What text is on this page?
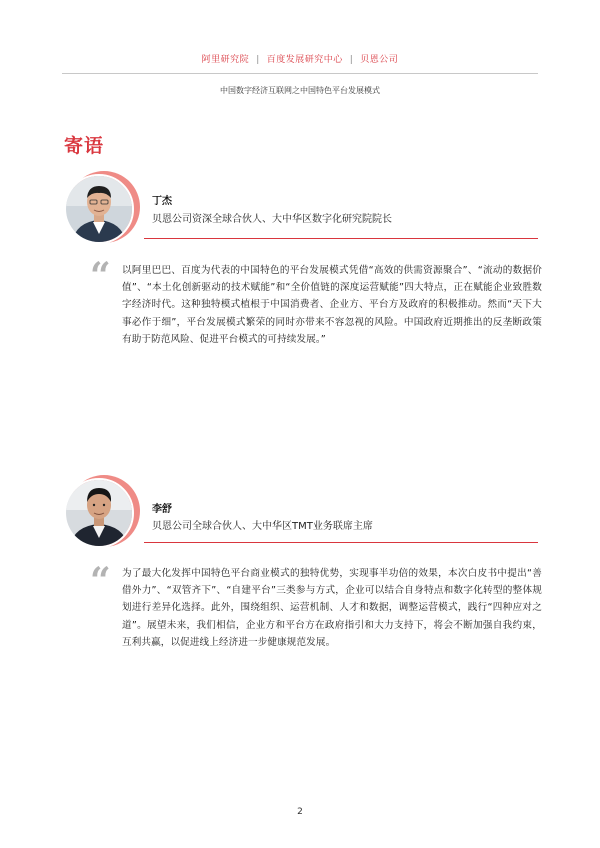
阿里研究院 | 百度发展研究中心 | 贝恩公司
中国数字经济互联网之中国特色平台发展模式
寄语
丁杰
贝恩公司资深全球合伙人、大中华区数字化研究院院长
“ 以阿里巴巴、百度为代表的中国特色的平台发展模式凭借“高效的供需资源聚合”、“流动的数据价值”、“本土化创新驱动的技术赋能”和“全价值链的深度运营赋能”四大特点，正在赋能企业致胜数字经济时代。这种独特模式植根于中国消费者、企业方、平台方及政府的积极推动。然而“天下大事必作于细”，平台发展模式繁荣的同时亦带来不容忽视的风险。中国政府近期推出的反垄断政策有助于防范风险、促进平台模式的可持续发展。”
李舒
贝恩公司全球合伙人、大中华区TMT业务联席主席
“ 为了最大化发挥中国特色平台商业模式的独特优势，实现事半功倍的效果，本次白皮书中提出“善借外力”、“双管齐下”、“自建平台”三类参与方式，企业可以结合自身特点和数字化转型的整体规划进行差异化选择。此外，围绕组织、运营机制、人才和数据，调整运营模式，践行“四种应对之道”。展望未来，我们相信，企业方和平台方在政府指引和大力支持下，将会不断加强自我约束，互利共赢，以促进线上经济进一步健康规范发展。
2
